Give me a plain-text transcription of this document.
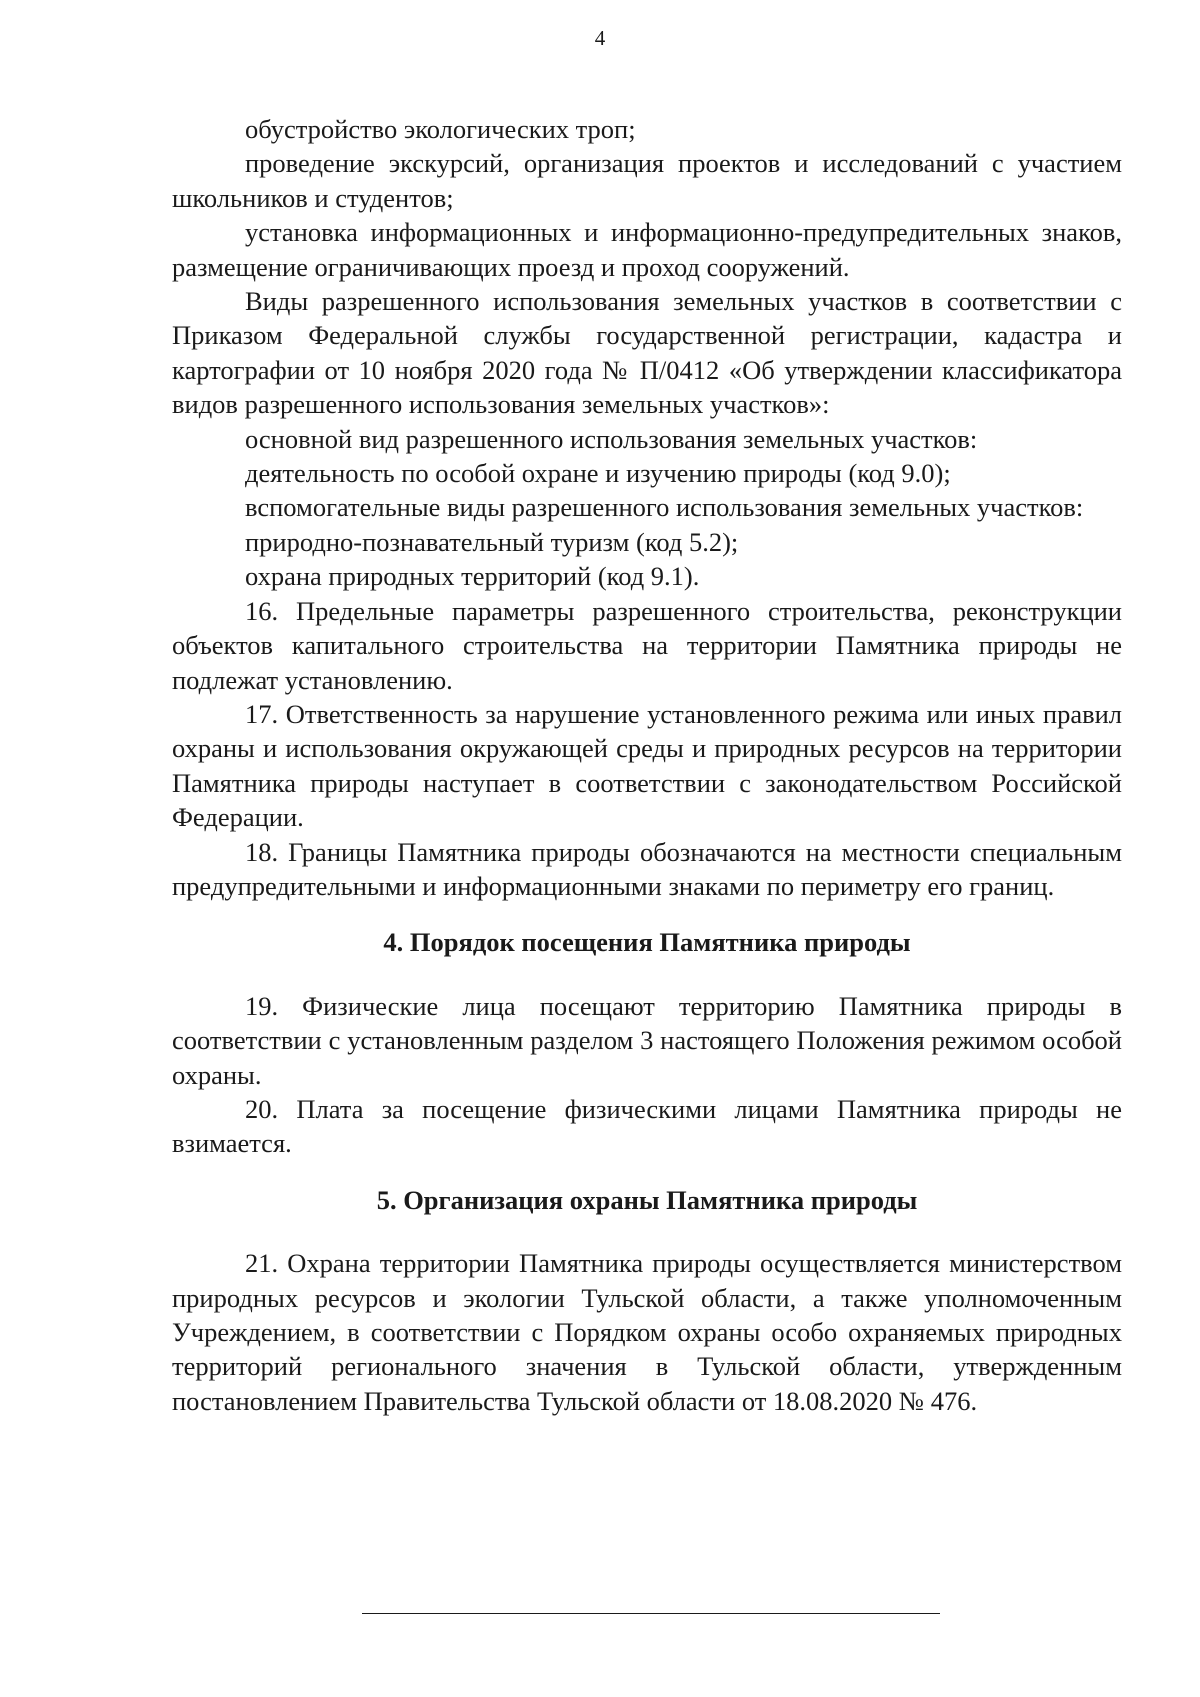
4

обустройство экологических троп;

проведение экскурсий, организация проектов и исследований с участием школьников и студентов;

установка информационных и информационно-предупредительных знаков, размещение ограничивающих проезд и проход сооружений.

Виды разрешенного использования земельных участков в соответствии с Приказом Федеральной службы государственной регистрации, кадастра и картографии от 10 ноября 2020 года № П/0412 «Об утверждении классификатора видов разрешенного использования земельных участков»:

основной вид разрешенного использования земельных участков:

деятельность по особой охране и изучению природы (код 9.0);

вспомогательные виды разрешенного использования земельных участков:

природно-познавательный туризм (код 5.2);

охрана природных территорий (код 9.1).

16. Предельные параметры разрешенного строительства, реконструкции объектов капитального строительства на территории Памятника природы не подлежат установлению.

17. Ответственность за нарушение установленного режима или иных правил охраны и использования окружающей среды и природных ресурсов на территории Памятника природы наступает в соответствии с законодательством Российской Федерации.

18. Границы Памятника природы обозначаются на местности специальным предупредительными и информационными знаками по периметру его границ.

4. Порядок посещения Памятника природы

19. Физические лица посещают территорию Памятника природы в соответствии с установленным разделом 3 настоящего Положения режимом особой охраны.

20. Плата за посещение физическими лицами Памятника природы не взимается.

5. Организация охраны Памятника природы

21. Охрана территории Памятника природы осуществляется министерством природных ресурсов и экологии Тульской области, а также уполномоченным Учреждением, в соответствии с Порядком охраны особо охраняемых природных территорий регионального значения в Тульской области, утвержденным постановлением Правительства Тульской области от 18.08.2020 № 476.
